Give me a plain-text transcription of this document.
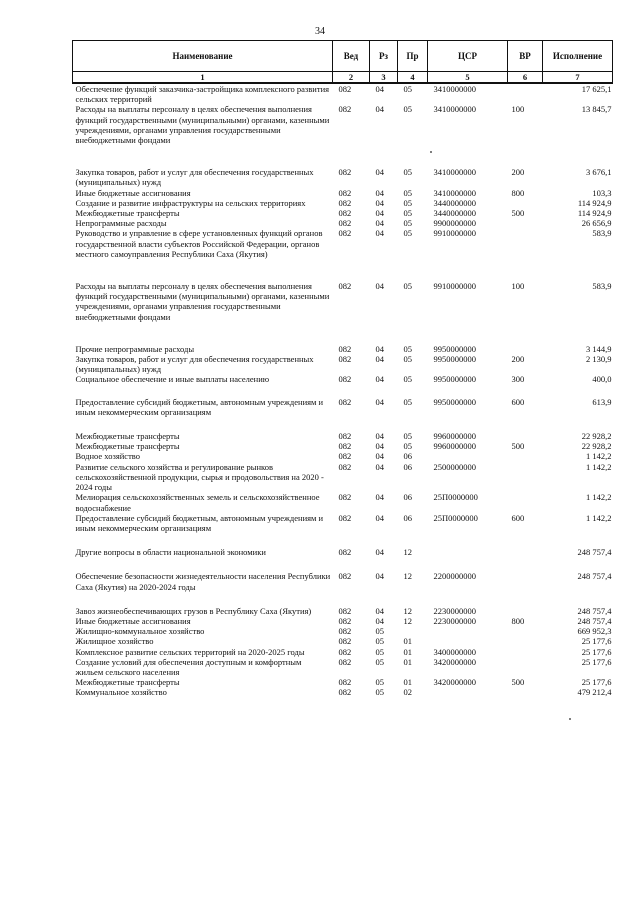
34
Наименование	Вед	Рз	Пр	ЦСР	ВР	Исполнение
1	2	3	4	5	6	7
Обеспечение функций заказчика-застройщика комплексного развития сельских территорий	082	04	05	3410000000		17 625,1
Расходы на выплаты персоналу в целях обеспечения выполнения функций государственными (муниципальными) органами, казенными учреждениями, органами управления государственными внебюджетными фондами	082	04	05	3410000000	100	13 845,7
Закупка товаров, работ и услуг для обеспечения государственных (муниципальных) нужд	082	04	05	3410000000	200	3 676,1
Иные бюджетные ассигнования	082	04	05	3410000000	800	103,3
Создание и развитие инфраструктуры на сельских территориях	082	04	05	3440000000		114 924,9
Межбюджетные трансферты	082	04	05	3440000000	500	114 924,9
Непрограммные расходы	082	04	05	9900000000		26 656,9
Руководство и управление в сфере установленных функций органов государственной власти субъектов Российской Федерации, органов местного самоуправления Республики Саха (Якутия)	082	04	05	9910000000		583,9
Расходы на выплаты персоналу в целях обеспечения выполнения функций государственными (муниципальными) органами, казенными учреждениями, органами управления государственными внебюджетными фондами	082	04	05	9910000000	100	583,9
Прочие непрограммные расходы	082	04	05	9950000000		3 144,9
Закупка товаров, работ и услуг для обеспечения государственных (муниципальных) нужд	082	04	05	9950000000	200	2 130,9
Социальное обеспечение и иные выплаты населению	082	04	05	9950000000	300	400,0
Предоставление субсидий бюджетным, автономным учреждениям и иным некоммерческим организациям	082	04	05	9950000000	600	613,9
Межбюджетные трансферты	082	04	05	9960000000		22 928,2
Межбюджетные трансферты	082	04	05	9960000000	500	22 928,2
Водное хозяйство	082	04	06			1 142,2
Развитие сельского хозяйства и регулирование рынков сельскохозяйственной продукции, сырья и продовольствия на 2020 - 2024 годы	082	04	06	2500000000		1 142,2
Мелиорация сельскохозяйственных земель и сельскохозяйственное водоснабжение	082	04	06	25П0000000		1 142,2
Предоставление субсидий бюджетным, автономным учреждениям и иным некоммерческим организациям	082	04	06	25П0000000	600	1 142,2
Другие вопросы в области национальной экономики	082	04	12			248 757,4
Обеспечение безопасности жизнедеятельности населения Республики Саха (Якутия) на 2020-2024 годы	082	04	12	2200000000		248 757,4
Завоз жизнеобеспечивающих грузов в Республику Саха (Якутия)	082	04	12	2230000000		248 757,4
Иные бюджетные ассигнования	082	04	12	2230000000	800	248 757,4
Жилищно-коммунальное хозяйство	082	05				669 952,3
Жилищное хозяйство	082	05	01			25 177,6
Комплексное развитие сельских территорий на 2020-2025 годы	082	05	01	3400000000		25 177,6
Создание условий для обеспечения доступным и комфортным жильем сельского населения	082	05	01	3420000000		25 177,6
Межбюджетные трансферты	082	05	01	3420000000	500	25 177,6
Коммунальное хозяйство	082	05	02			479 212,4
